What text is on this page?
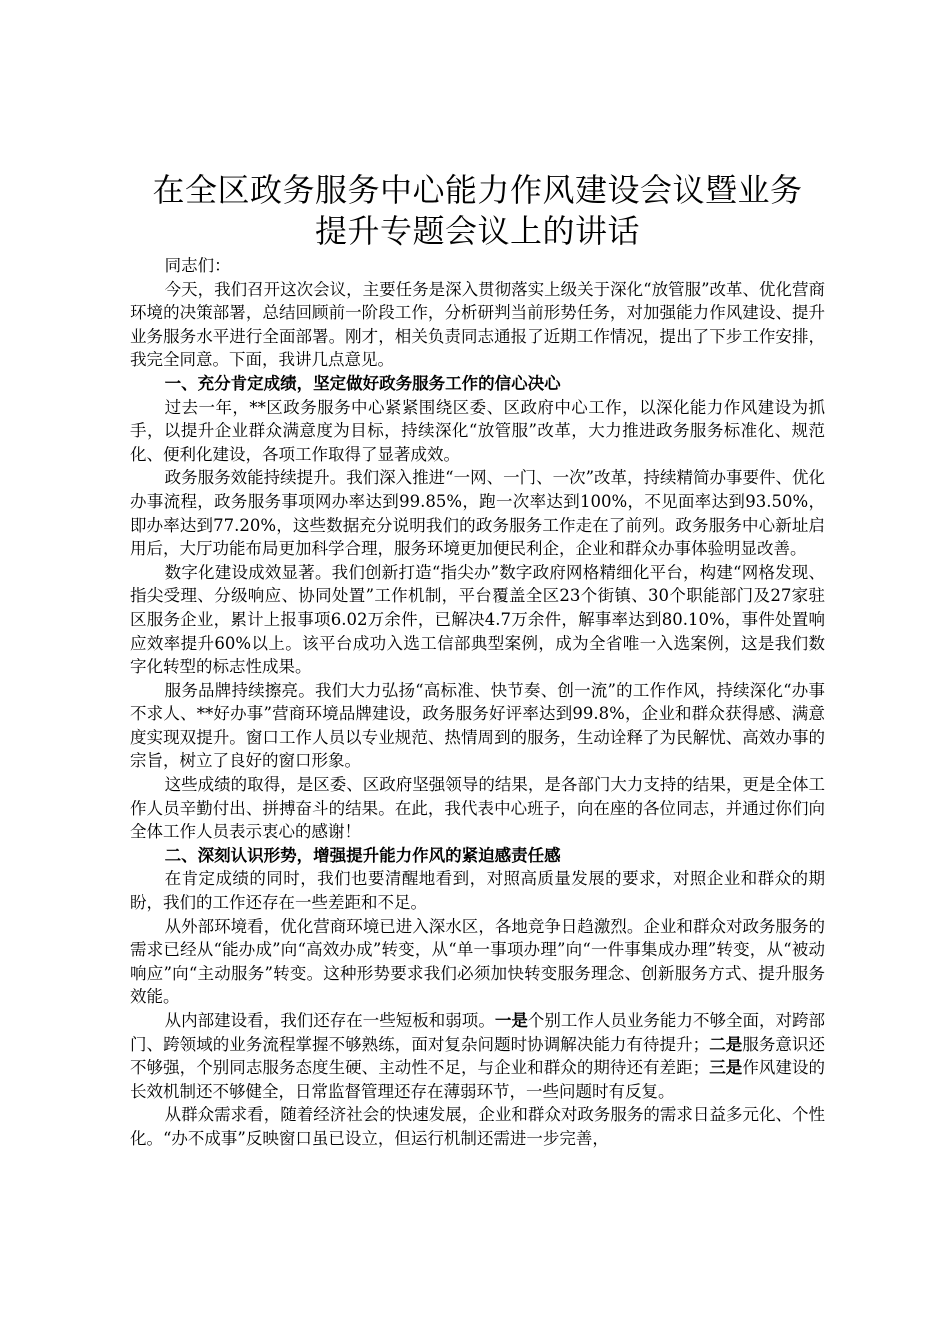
在全区政务服务中心能力作风建设会议暨业务
提升专题会议上的讲话

同志们：

今天，我们召开这次会议，主要任务是深入贯彻落实上级关于深化“放管服”改革、优化营商环境的决策部署，总结回顾前一阶段工作，分析研判当前形势任务，对加强能力作风建设、提升业务服务水平进行全面部署。刚才，相关负责同志通报了近期工作情况，提出了下步工作安排，我完全同意。下面，我讲几点意见。

一、充分肯定成绩，坚定做好政务服务工作的信心决心

过去一年，**区政务服务中心紧紧围绕区委、区政府中心工作，以深化能力作风建设为抓手，以提升企业群众满意度为目标，持续深化“放管服”改革，大力推进政务服务标准化、规范化、便利化建设，各项工作取得了显著成效。

政务服务效能持续提升。我们深入推进“一网、一门、一次”改革，持续精简办事要件、优化办事流程，政务服务事项网办率达到99.85%，跑一次率达到100%，不见面率达到93.50%，即办率达到77.20%，这些数据充分说明我们的政务服务工作走在了前列。政务服务中心新址启用后，大厅功能布局更加科学合理，服务环境更加便民利企，企业和群众办事体验明显改善。

数字化建设成效显著。我们创新打造“指尖办”数字政府网格精细化平台，构建“网格发现、指尖受理、分级响应、协同处置”工作机制，平台覆盖全区23个街镇、30个职能部门及27家驻区服务企业，累计上报事项6.02万余件，已解决4.7万余件，解事率达到80.10%，事件处置响应效率提升60%以上。该平台成功入选工信部典型案例，成为全省唯一入选案例，这是我们数字化转型的标志性成果。

服务品牌持续擦亮。我们大力弘扬“高标准、快节奏、创一流”的工作作风，持续深化“办事不求人、**好办事”营商环境品牌建设，政务服务好评率达到99.8%，企业和群众获得感、满意度实现双提升。窗口工作人员以专业规范、热情周到的服务，生动诠释了为民解忧、高效办事的宗旨，树立了良好的窗口形象。

这些成绩的取得，是区委、区政府坚强领导的结果，是各部门大力支持的结果，更是全体工作人员辛勤付出、拼搏奋斗的结果。在此，我代表中心班子，向在座的各位同志，并通过你们向全体工作人员表示衷心的感谢！

二、深刻认识形势，增强提升能力作风的紧迫感责任感

在肯定成绩的同时，我们也要清醒地看到，对照高质量发展的要求，对照企业和群众的期盼，我们的工作还存在一些差距和不足。

从外部环境看，优化营商环境已进入深水区，各地竞争日趋激烈。企业和群众对政务服务的需求已经从“能办成”向“高效办成”转变，从“单一事项办理”向“一件事集成办理”转变，从“被动响应”向“主动服务”转变。这种形势要求我们必须加快转变服务理念、创新服务方式、提升服务效能。

从内部建设看，我们还存在一些短板和弱项。一是个别工作人员业务能力不够全面，对跨部门、跨领域的业务流程掌握不够熟练，面对复杂问题时协调解决能力有待提升；二是服务意识还不够强，个别同志服务态度生硬、主动性不足，与企业和群众的期待还有差距；三是作风建设的长效机制还不够健全，日常监督管理还存在薄弱环节，一些问题时有反复。

从群众需求看，随着经济社会的快速发展，企业和群众对政务服务的需求日益多元化、个性化。“办不成事”反映窗口虽已设立，但运行机制还需进一步完善，
